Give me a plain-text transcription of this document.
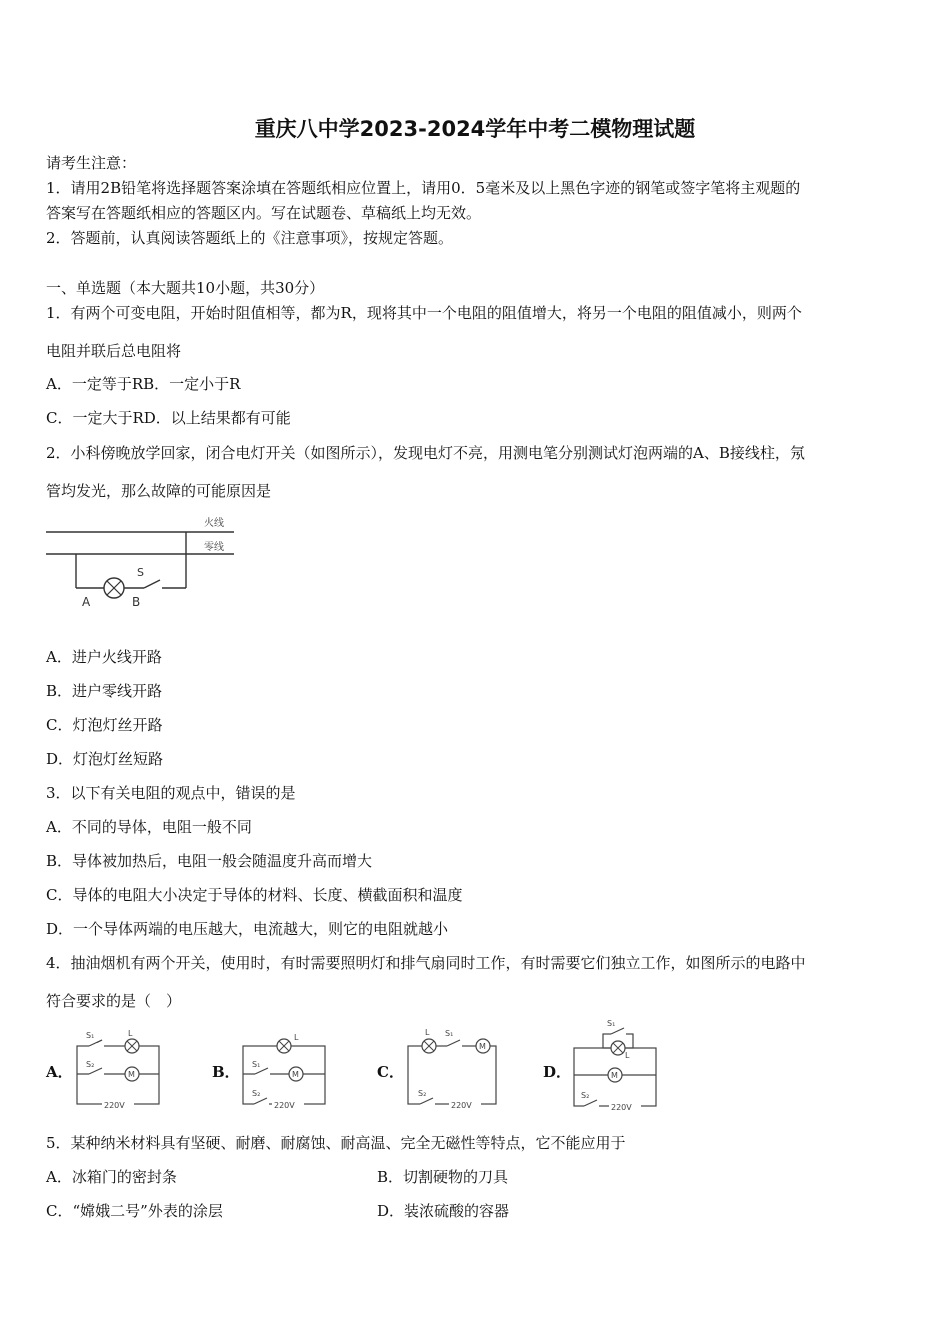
重庆八中学2023-2024学年中考二模物理试题
请考生注意：
1．请用2B铅笔将选择题答案涂填在答题纸相应位置上，请用0．5毫米及以上黑色字迹的钢笔或签字笔将主观题的
答案写在答题纸相应的答题区内。写在试题卷、草稿纸上均无效。
2．答题前，认真阅读答题纸上的《注意事项》，按规定答题。
一、单选题（本大题共10小题，共30分）
1．有两个可变电阻，开始时阻值相等，都为R，现将其中一个电阻的阻值增大，将另一个电阻的阻值减小，则两个
电阻并联后总电阻将
A．一定等于RB．一定小于R
C．一定大于RD．以上结果都有可能
2．小科傍晚放学回家，闭合电灯开关（如图所示），发现电灯不亮，用测电笔分别测试灯泡两端的A、B接线柱，氖
管均发光，那么故障的可能原因是
火线
零线
S
A	B
A．进户火线开路
B．进户零线开路
C．灯泡灯丝开路
D．灯泡灯丝短路
3．以下有关电阻的观点中，错误的是
A．不同的导体，电阻一般不同
B．导体被加热后，电阻一般会随温度升高而增大
C．导体的电阻大小决定于导体的材料、长度、横截面积和温度
D．一个导体两端的电压越大，电流越大，则它的电阻就越小
4．抽油烟机有两个开关，使用时，有时需要照明灯和排气扇同时工作，有时需要它们独立工作，如图所示的电路中
符合要求的是（　）
A．
S₁	L
M
S₂
220V
B．
L
M
S₁
S₂
220V
C．
L S₁
M
S₂
220V
D．
S₁
L
M
S₂
220V
5．某种纳米材料具有坚硬、耐磨、耐腐蚀、耐高温、完全无磁性等特点，它不能应用于
A．冰箱门的密封条	B．切割硬物的刀具
C．“嫦娥二号”外表的涂层	D．装浓硫酸的容器
